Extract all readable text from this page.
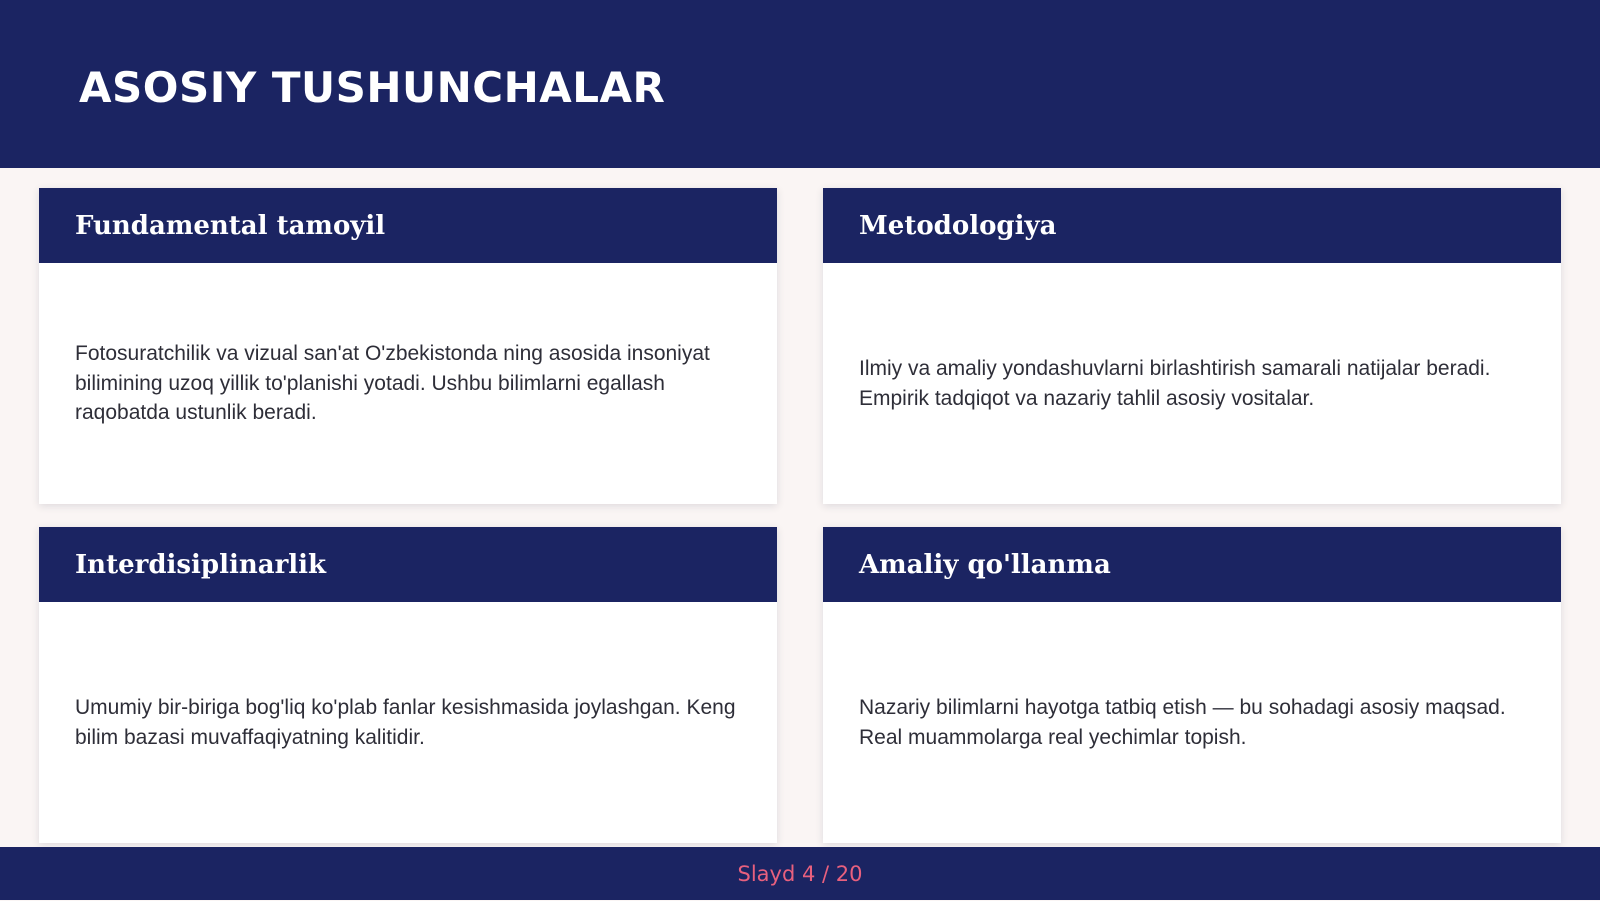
ASOSIY TUSHUNCHALAR
Fundamental tamoyil

Fotosuratchilik va vizual san'at O'zbekistonda ning asosida insoniyat bilimining uzoq yillik to'planishi yotadi. Ushbu bilimlarni egallash raqobatda ustunlik beradi.

Metodologiya

Ilmiy va amaliy yondashuvlarni birlashtirish samarali natijalar beradi. Empirik tadqiqot va nazariy tahlil asosiy vositalar.

Interdisiplinarlik

Umumiy bir-biriga bog'liq ko'plab fanlar kesishmasida joylashgan. Keng bilim bazasi muvaffaqiyatning kalitidir.

Amaliy qo'llanma

Nazariy bilimlarni hayotga tatbiq etish — bu sohadagi asosiy maqsad. Real muammolarga real yechimlar topish.

Slayd 4 / 20
